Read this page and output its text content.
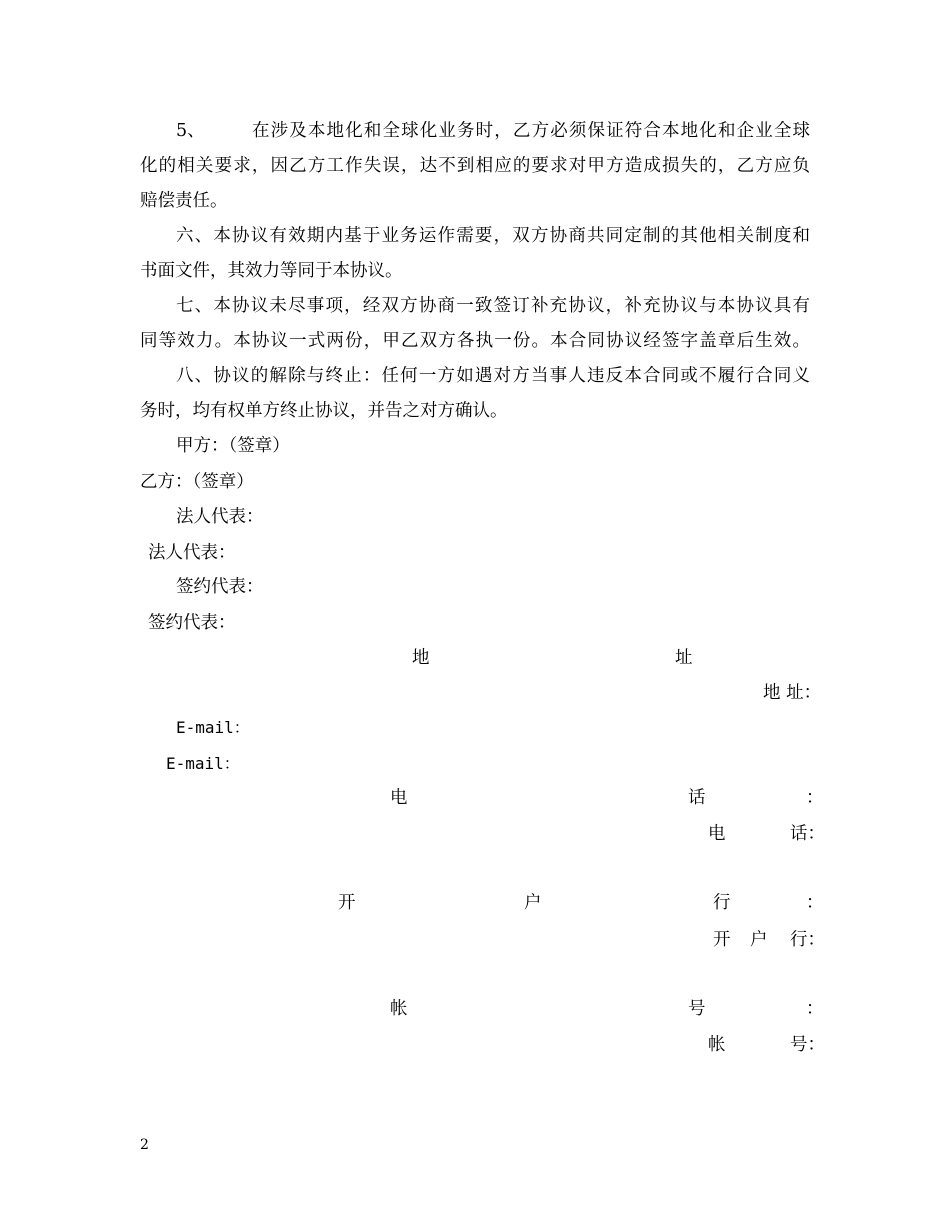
5、	在涉及本地化和全球化业务时，乙方必须保证符合本地化和企业全球
化的相关要求，因乙方工作失误，达不到相应的要求对甲方造成损失的，乙方应负
赔偿责任。
六、本协议有效期内基于业务运作需要，双方协商共同定制的其他相关制度和
书面文件，其效力等同于本协议。
七、本协议未尽事项，经双方协商一致签订补充协议，补充协议与本协议具有
同等效力。本协议一式两份，甲乙双方各执一份。本合同协议经签字盖章后生效。
八、协议的解除与终止：任何一方如遇对方当事人违反本合同或不履行合同义
务时，均有权单方终止协议，并告之对方确认。
甲方：（签章）
乙方：（签章）
法人代表：
法人代表：
签约代表：
签约代表：
地	址
地 址：
E-mail：
E-mail：
电	话	：
电	话：
开	户	行	：
开 户 行：
帐	号	：
帐	号：
2
